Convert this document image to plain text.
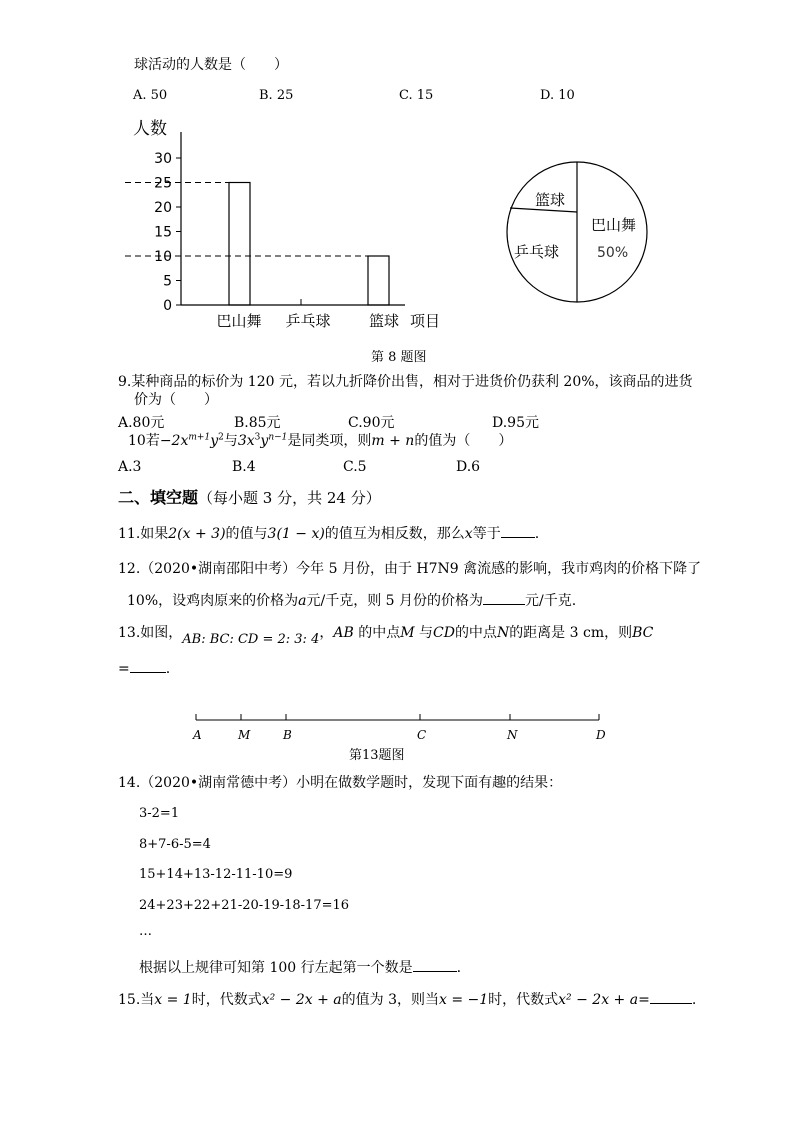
球活动的人数是（　　）
A. 50	B. 25	C. 15	D. 10
0
5
10
15
20
25
30
人数
巴山舞 乒乓球	篮球 项目
篮球
巴山舞
50%
乒乓球
第 8 题图
9.某种商品的标价为 120 元，若以九折降价出售，相对于进货价仍获利 20%，该商品的进货
价为（　　）
A.80元	B.85元	C.90元	D.95元
10若$-2x^{m+1}y^2$与$3x^3y^{n-1}$是同类项，则m + n的值为（　　）
A.3	B.4	C.5	D.6
二、填空题（每小题 3 分，共 24 分）
11.如果2(x + 3)的值与3(1 − x)的值互为相反数，那么x等于 .
12.（2020•湖南邵阳中考）今年 5 月份，由于 H7N9 禽流感的影响，我市鸡肉的价格下降了
10%，设鸡肉原来的价格为a元/千克，则 5 月份的价格为	元/千克.
13.如图，AB: BC: CD = 2: 3: 4，AB 的中点M 与CD的中点N的距离是 3 cm，则BC
=	.
A	M	B	C	N	D
第13题图
14.（2020•湖南常德中考）小明在做数学题时，发现下面有趣的结果：
3-2=1
8+7-6-5=4
15+14+13-12-11-10=9
24+23+22+21-20-19-18-17=16
…
根据以上规律可知第 100 行左起第一个数是	.
15.当x = 1时，代数式x² − 2x + a的值为 3，则当x = −1时，代数式x² − 2x + a=	.
